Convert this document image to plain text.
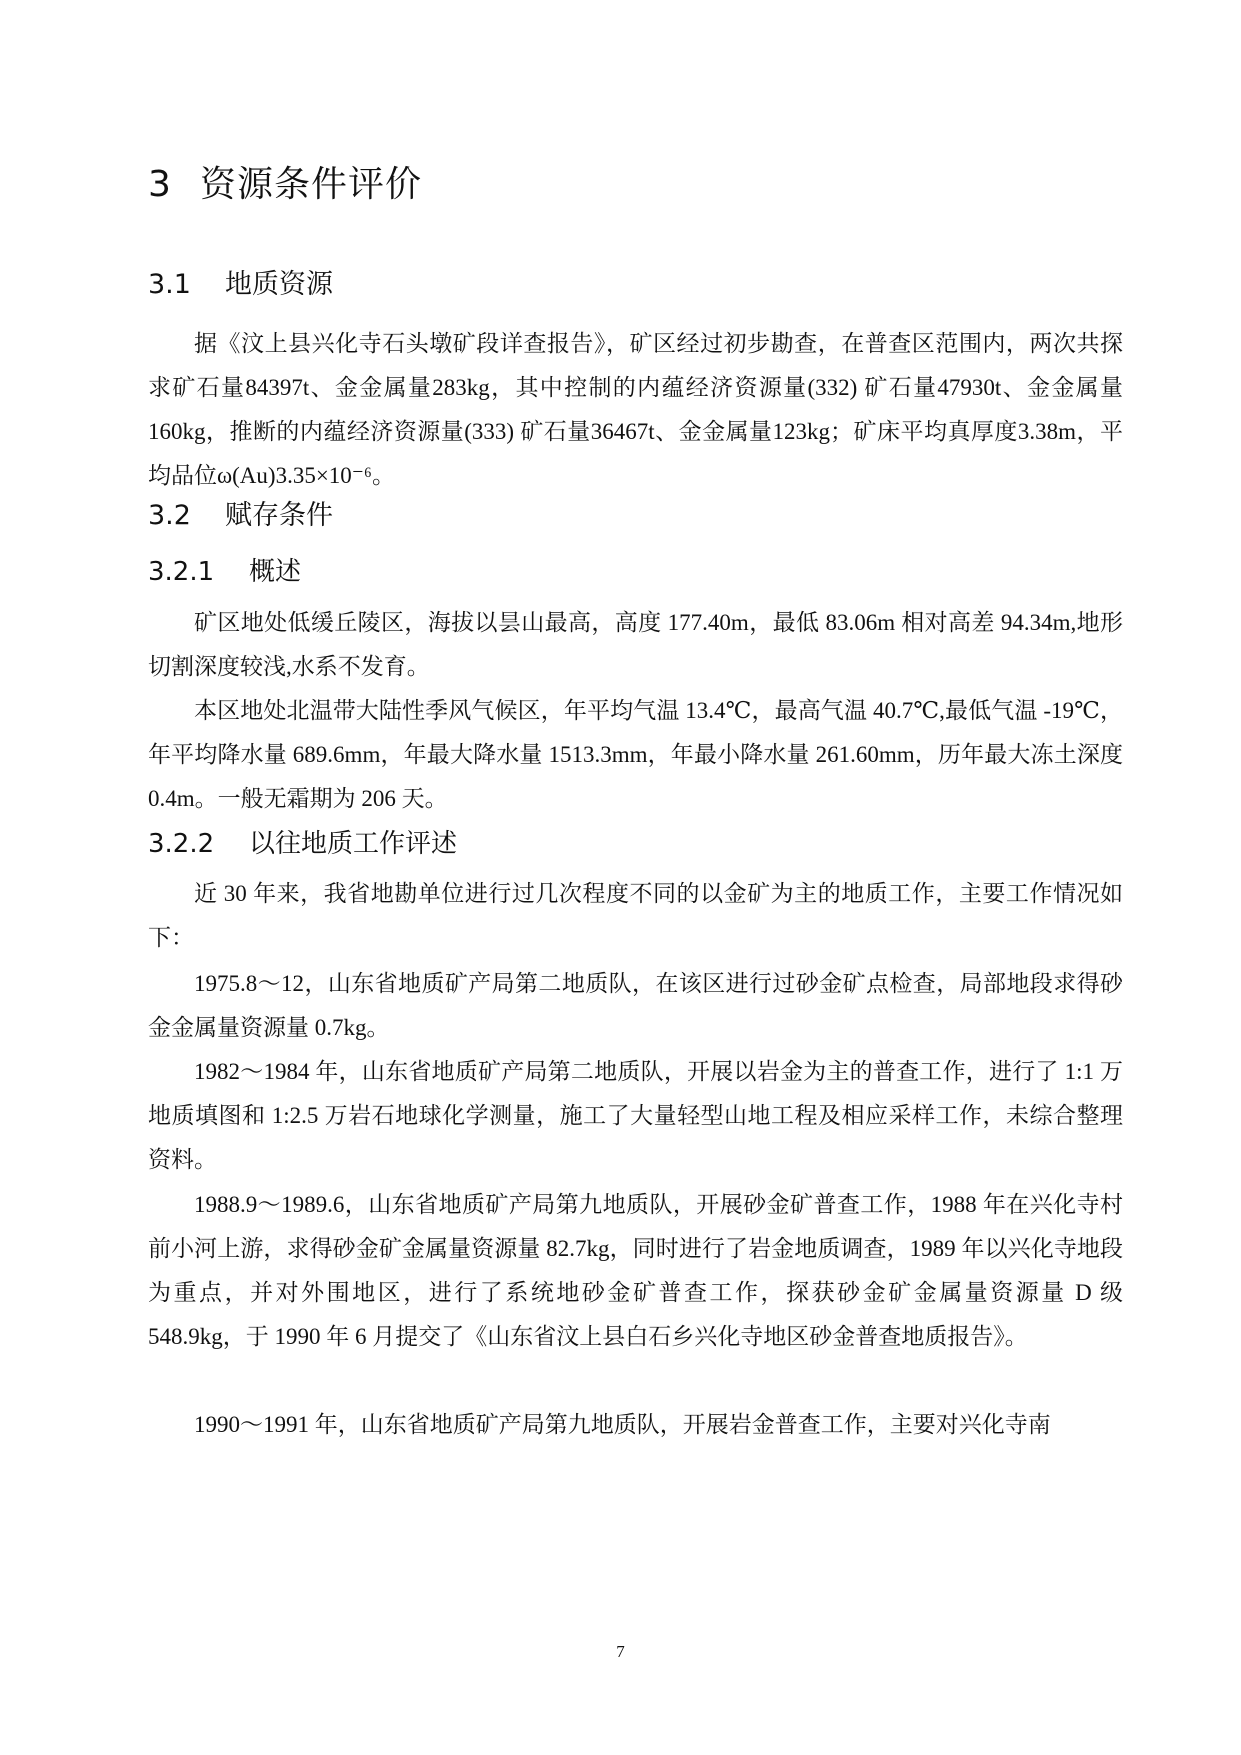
3 资源条件评价
3.1 地质资源

据《汶上县兴化寺石头墩矿段详查报告》，矿区经过初步勘查，在普查区范围内，两次共探求矿石量84397t、金金属量283kg，其中控制的内蕴经济资源量(332) 矿石量47930t、金金属量160kg，推断的内蕴经济资源量(333) 矿石量36467t、金金属量123kg；矿床平均真厚度3.38m，平均品位ω(Au)3.35×10⁻⁶。

3.2 赋存条件
3.2.1 概述

矿区地处低缓丘陵区，海拔以昙山最高，高度 177.40m，最低 83.06m 相对高差 94.34m,地形切割深度较浅,水系不发育。

本区地处北温带大陆性季风气候区，年平均气温 13.4℃，最高气温 40.7℃,最低气温 -19℃，年平均降水量 689.6mm，年最大降水量 1513.3mm，年最小降水量 261.60mm，历年最大冻土深度 0.4m。一般无霜期为 206 天。

3.2.2 以往地质工作评述

近 30 年来，我省地勘单位进行过几次程度不同的以金矿为主的地质工作，主要工作情况如下：

1975.8～12，山东省地质矿产局第二地质队，在该区进行过砂金矿点检查，局部地段求得砂金金属量资源量 0.7kg。

1982～1984 年，山东省地质矿产局第二地质队，开展以岩金为主的普查工作，进行了 1:1 万地质填图和 1:2.5 万岩石地球化学测量，施工了大量轻型山地工程及相应采样工作，未综合整理资料。

1988.9～1989.6，山东省地质矿产局第九地质队，开展砂金矿普查工作，1988 年在兴化寺村前小河上游，求得砂金矿金属量资源量 82.7kg，同时进行了岩金地质调查，1989 年以兴化寺地段为重点，并对外围地区，进行了系统地砂金矿普查工作，探获砂金矿金属量资源量 D 级 548.9kg，于 1990 年 6 月提交了《山东省汶上县白石乡兴化寺地区砂金普查地质报告》。

1990～1991 年，山东省地质矿产局第九地质队，开展岩金普查工作，主要对兴化寺南

7
